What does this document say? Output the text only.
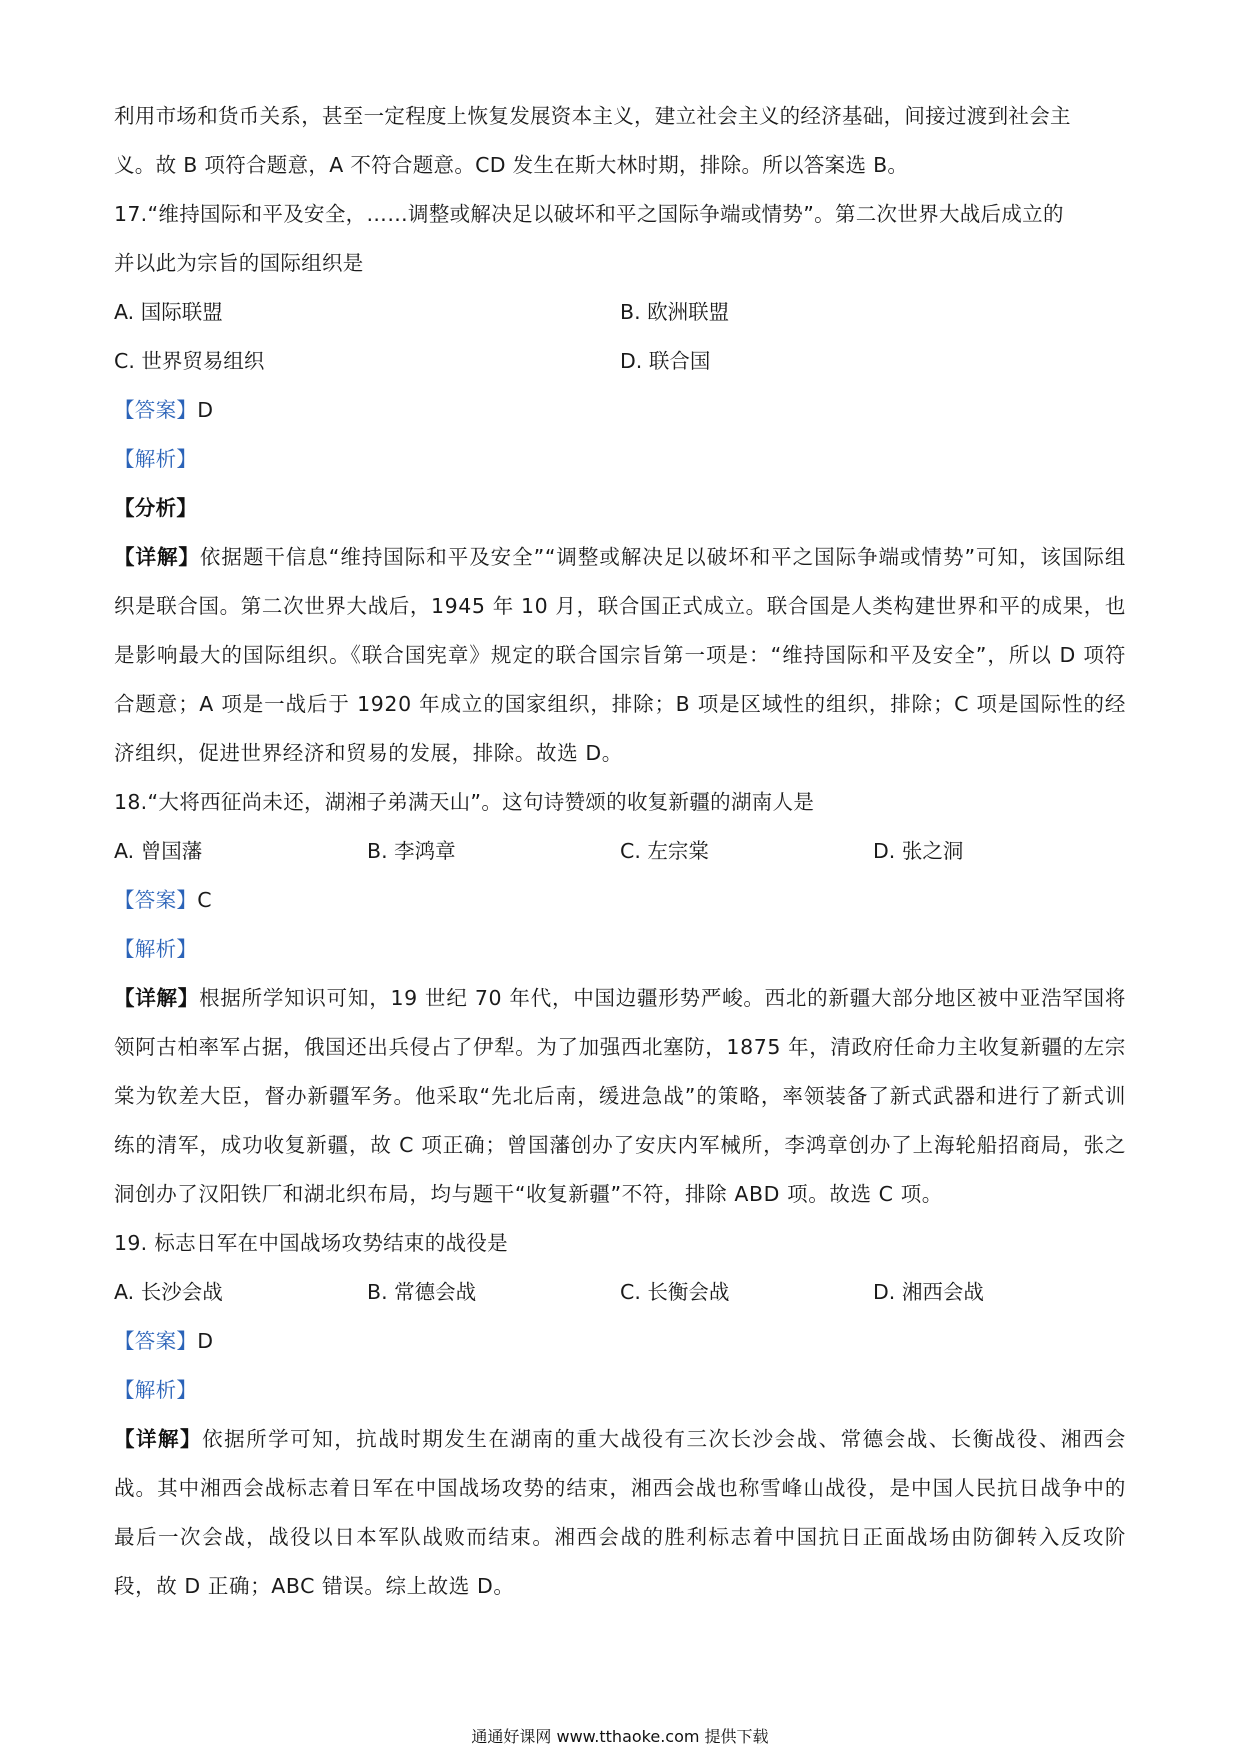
利用市场和货币关系，甚至一定程度上恢复发展资本主义，建立社会主义的经济基础，间接过渡到社会主
义。故 B 项符合题意，A 不符合题意。CD 发生在斯大林时期，排除。所以答案选 B。
17.“维持国际和平及安全，……调整或解决足以破坏和平之国际争端或情势”。第二次世界大战后成立的
并以此为宗旨的国际组织是
A. 国际联盟	B. 欧洲联盟
C. 世界贸易组织	D. 联合国
【答案】D
【解析】
【分析】
【详解】依据题干信息“维持国际和平及安全”“调整或解决足以破坏和平之国际争端或情势”可知，该国际组织是联合国。第二次世界大战后，1945 年 10 月，联合国正式成立。联合国是人类构建世界和平的成果，也是影响最大的国际组织。《联合国宪章》规定的联合国宗旨第一项是：“维持国际和平及安全”，所以 D 项符合题意；A 项是一战后于 1920 年成立的国家组织，排除；B 项是区域性的组织，排除；C 项是国际性的经济组织，促进世界经济和贸易的发展，排除。故选 D。
18.“大将西征尚未还，湖湘子弟满天山”。这句诗赞颂的收复新疆的湖南人是
A. 曾国藩	B. 李鸿章	C. 左宗棠	D. 张之洞
【答案】C
【解析】
【详解】根据所学知识可知，19 世纪 70 年代，中国边疆形势严峻。西北的新疆大部分地区被中亚浩罕国将领阿古柏率军占据，俄国还出兵侵占了伊犁。为了加强西北塞防，1875 年，清政府任命力主收复新疆的左宗棠为钦差大臣，督办新疆军务。他采取“先北后南，缓进急战”的策略，率领装备了新式武器和进行了新式训练的清军，成功收复新疆，故 C 项正确；曾国藩创办了安庆内军械所，李鸿章创办了上海轮船招商局，张之洞创办了汉阳铁厂和湖北织布局，均与题干“收复新疆”不符，排除 ABD 项。故选 C 项。
19. 标志日军在中国战场攻势结束的战役是
A. 长沙会战	B. 常德会战	C. 长衡会战	D. 湘西会战
【答案】D
【解析】
【详解】依据所学可知，抗战时期发生在湖南的重大战役有三次长沙会战、常德会战、长衡战役、湘西会战。其中湘西会战标志着日军在中国战场攻势的结束，湘西会战也称雪峰山战役，是中国人民抗日战争中的最后一次会战，战役以日本军队战败而结束。湘西会战的胜利标志着中国抗日正面战场由防御转入反攻阶段，故 D 正确；ABC 错误。综上故选 D。
通通好课网 www.tthaoke.com 提供下载
